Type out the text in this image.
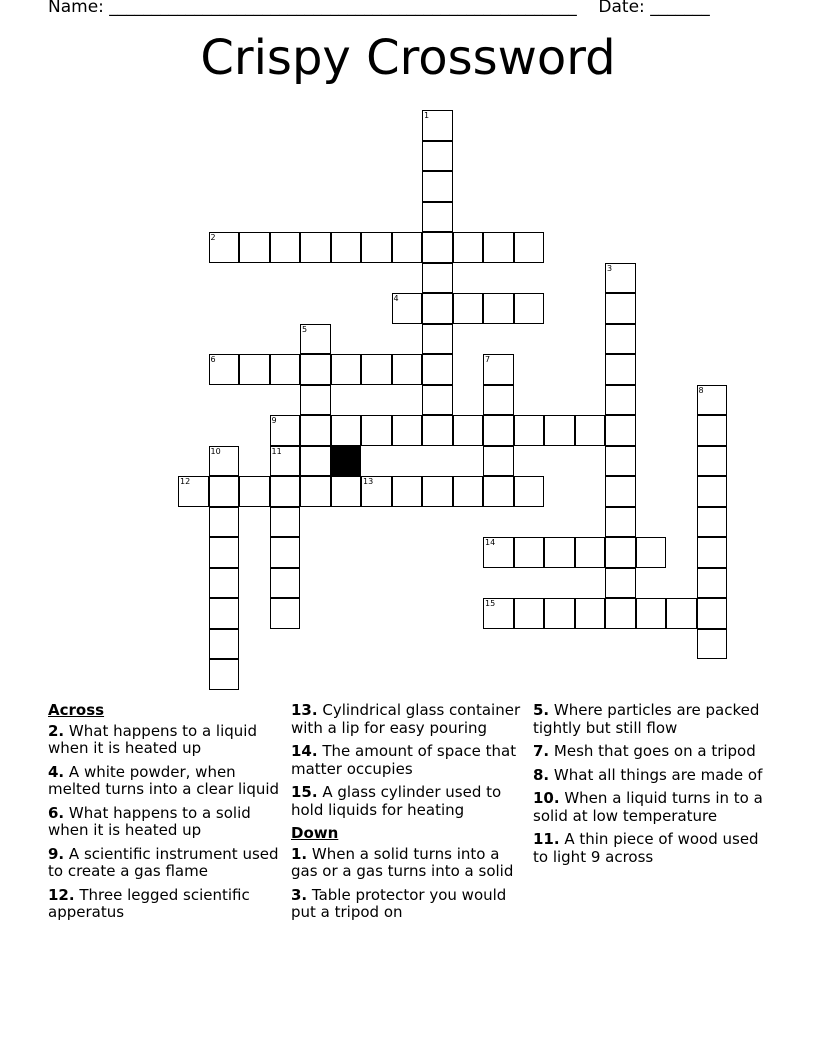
Name: _______________________________________________________ Date: _______
Crispy Crossword
1
2
3
4
5
6	7
8
9
10	11
12	13
14
15
Across
2. What happens to a liquid when it is heated up
4. A white powder, when melted turns into a clear liquid
6. What happens to a solid when it is heated up
9. A scientific instrument used to create a gas flame
12. Three legged scientific apperatus
13. Cylindrical glass container with a lip for easy pouring
14. The amount of space that matter occupies
15. A glass cylinder used to hold liquids for heating
Down
1. When a solid turns into a gas or a gas turns into a solid
3. Table protector you would put a tripod on
5. Where particles are packed tightly but still flow
7. Mesh that goes on a tripod
8. What all things are made of
10. When a liquid turns in to a solid at low temperature
11. A thin piece of wood used to light 9 across
